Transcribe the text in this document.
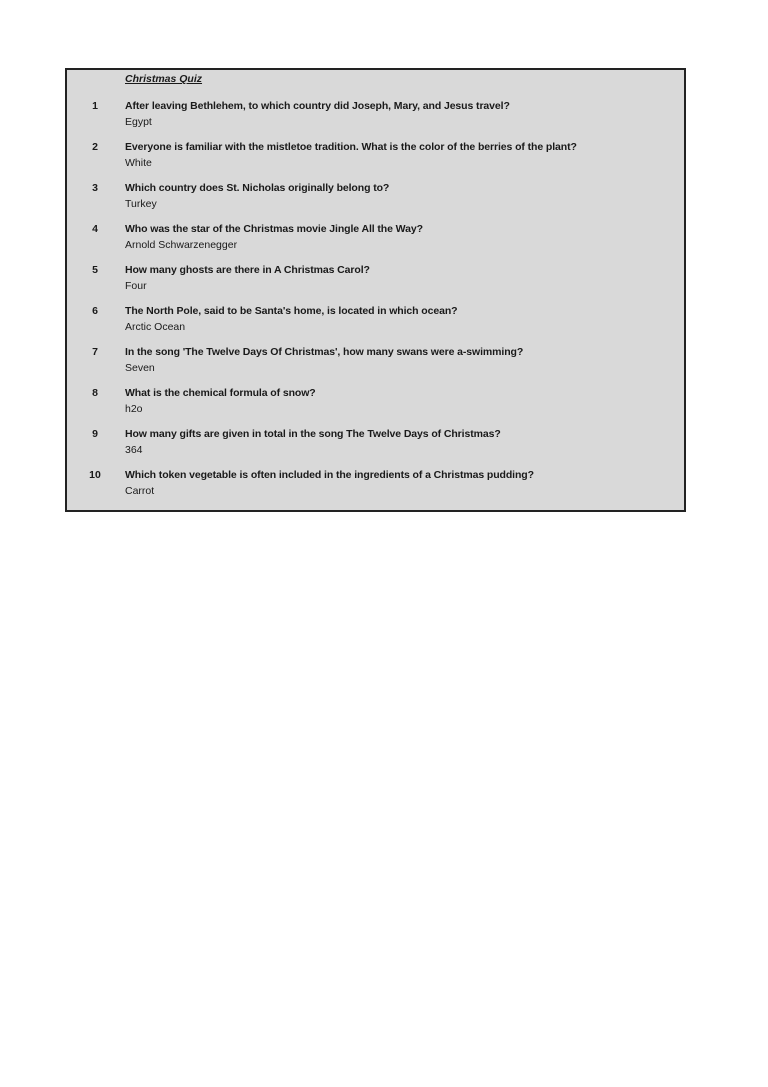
Christmas Quiz
1	After leaving Bethlehem, to which country did Joseph, Mary, and Jesus travel?
Egypt
2	Everyone is familiar with the mistletoe tradition. What is the color of the berries of the plant?
White
3	Which country does St. Nicholas originally belong to?
Turkey
4	Who was the star of the Christmas movie Jingle All the Way?
Arnold Schwarzenegger
5	How many ghosts are there in A Christmas Carol?
Four
6	The North Pole, said to be Santa's home, is located in which ocean?
Arctic Ocean
7	In the song 'The Twelve Days Of Christmas', how many swans were a-swimming?
Seven
8	What is the chemical formula of snow?
h2o
9	How many gifts are given in total in the song The Twelve Days of Christmas?
364
10	Which token vegetable is often included in the ingredients of a Christmas pudding?
Carrot
